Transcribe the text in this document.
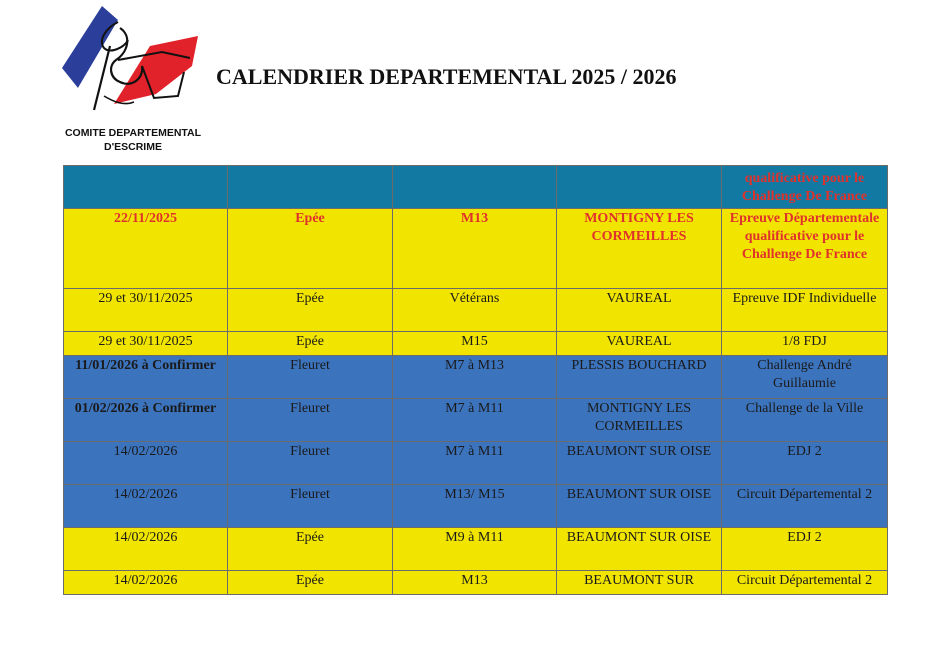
COMITE DEPARTEMENTAL
D'ESCRIME
CALENDRIER DEPARTEMENTAL 2025 / 2026

				qualificative pour le Challenge De France

22/11/2025	Epée	M13	MONTIGNY LES CORMEILLES	Epreuve Départementale qualificative pour le Challenge De France
29 et 30/11/2025	Epée	Vétérans	VAUREAL	Epreuve IDF Individuelle
29 et 30/11/2025	Epée	M15	VAUREAL	1/8 FDJ
11/01/2026 à Confirmer	Fleuret	M7 à M13	PLESSIS BOUCHARD	Challenge André Guillaumie
01/02/2026 à Confirmer	Fleuret	M7 à M11	MONTIGNY LES CORMEILLES	Challenge de la Ville
14/02/2026	Fleuret	M7 à M11	BEAUMONT SUR OISE	EDJ 2
14/02/2026	Fleuret	M13/ M15	BEAUMONT SUR OISE	Circuit Départemental 2
14/02/2026	Epée	M9 à M11	BEAUMONT SUR OISE	EDJ 2
14/02/2026	Epée	M13	BEAUMONT SUR	Circuit Départemental 2
